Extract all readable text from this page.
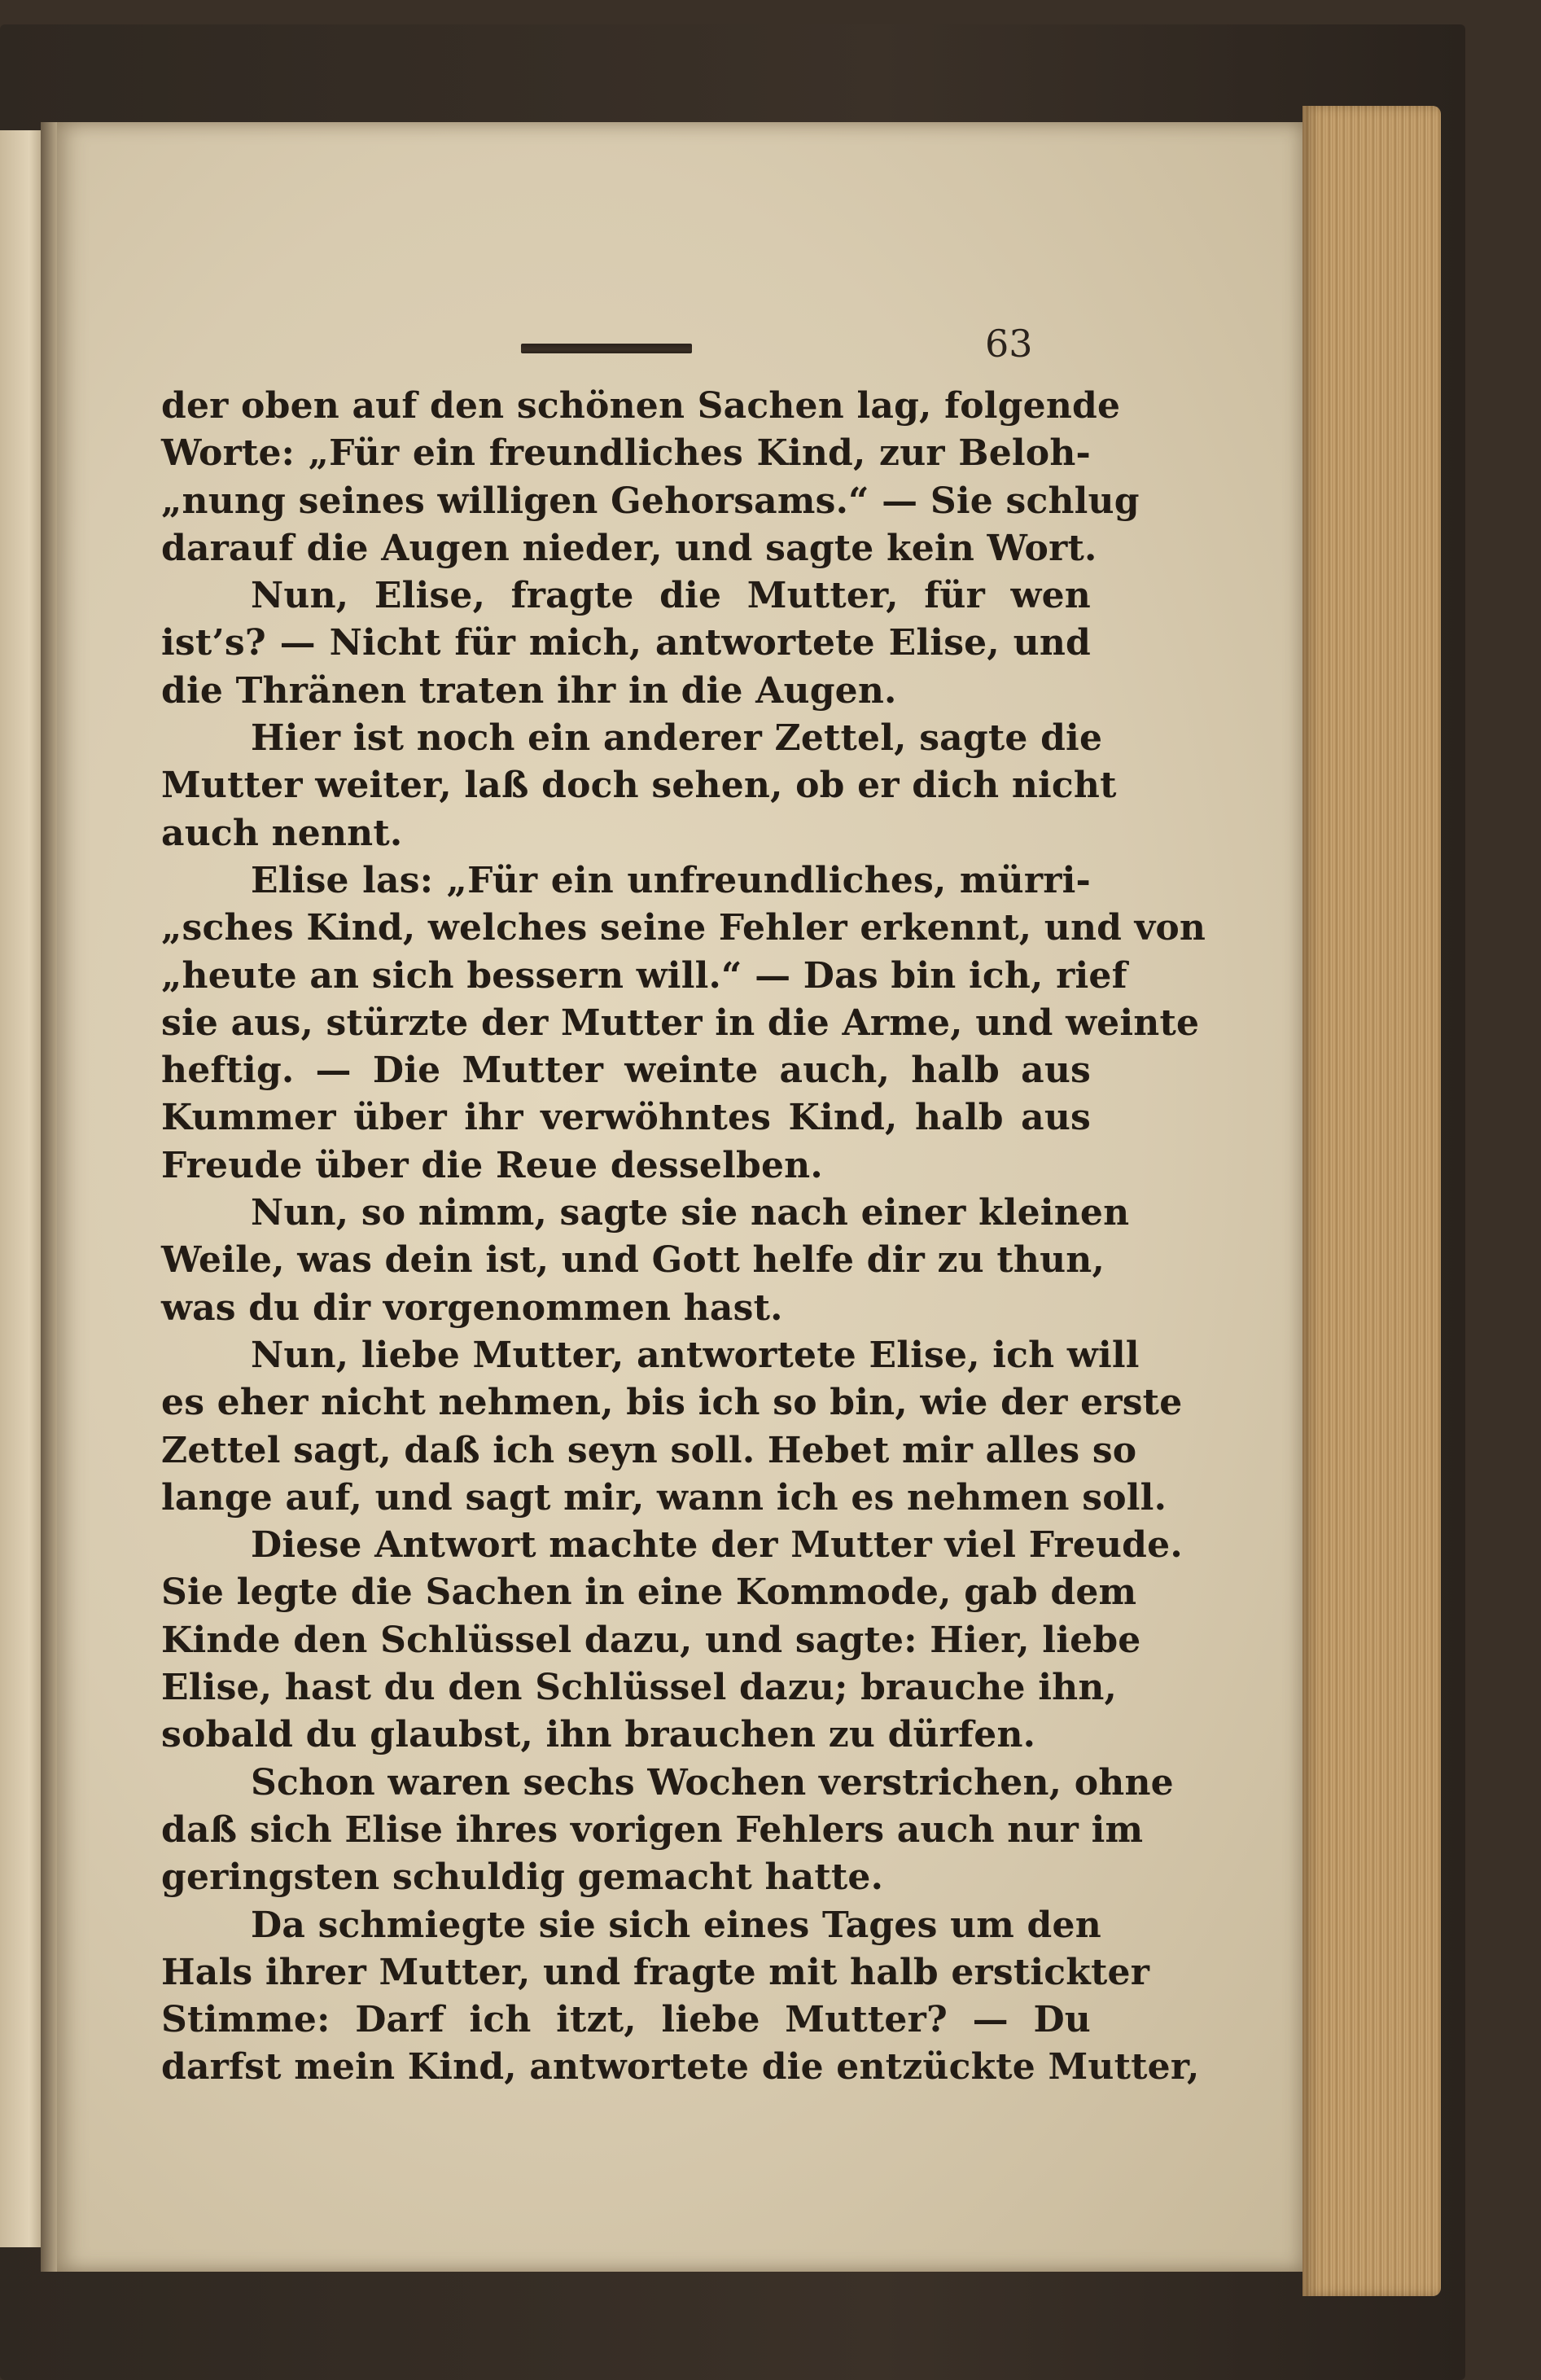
63
der oben auf den schönen Sachen lag, folgende
Worte: „Für ein freundliches Kind, zur Beloh-
„nung seines willigen Gehorsams.“ — Sie schlug
darauf die Augen nieder, und sagte kein Wort.
Nun, Elise, fragte die Mutter, für wen
ist’s? — Nicht für mich, antwortete Elise, und
die Thränen traten ihr in die Augen.
Hier ist noch ein anderer Zettel, sagte die
Mutter weiter, laß doch sehen, ob er dich nicht
auch nennt.
Elise las: „Für ein unfreundliches, mürri-
„sches Kind, welches seine Fehler erkennt, und von
„heute an sich bessern will.“ — Das bin ich, rief
sie aus, stürzte der Mutter in die Arme, und weinte
heftig. — Die Mutter weinte auch, halb aus
Kummer über ihr verwöhntes Kind, halb aus
Freude über die Reue desselben.
Nun, so nimm, sagte sie nach einer kleinen
Weile, was dein ist, und Gott helfe dir zu thun,
was du dir vorgenommen hast.
Nun, liebe Mutter, antwortete Elise, ich will
es eher nicht nehmen, bis ich so bin, wie der erste
Zettel sagt, daß ich seyn soll. Hebet mir alles so
lange auf, und sagt mir, wann ich es nehmen soll.
Diese Antwort machte der Mutter viel Freude.
Sie legte die Sachen in eine Kommode, gab dem
Kinde den Schlüssel dazu, und sagte: Hier, liebe
Elise, hast du den Schlüssel dazu; brauche ihn,
sobald du glaubst, ihn brauchen zu dürfen.
Schon waren sechs Wochen verstrichen, ohne
daß sich Elise ihres vorigen Fehlers auch nur im
geringsten schuldig gemacht hatte.
Da schmiegte sie sich eines Tages um den
Hals ihrer Mutter, und fragte mit halb erstickter
Stimme: Darf ich itzt, liebe Mutter? — Du
darfst mein Kind, antwortete die entzückte Mutter,
